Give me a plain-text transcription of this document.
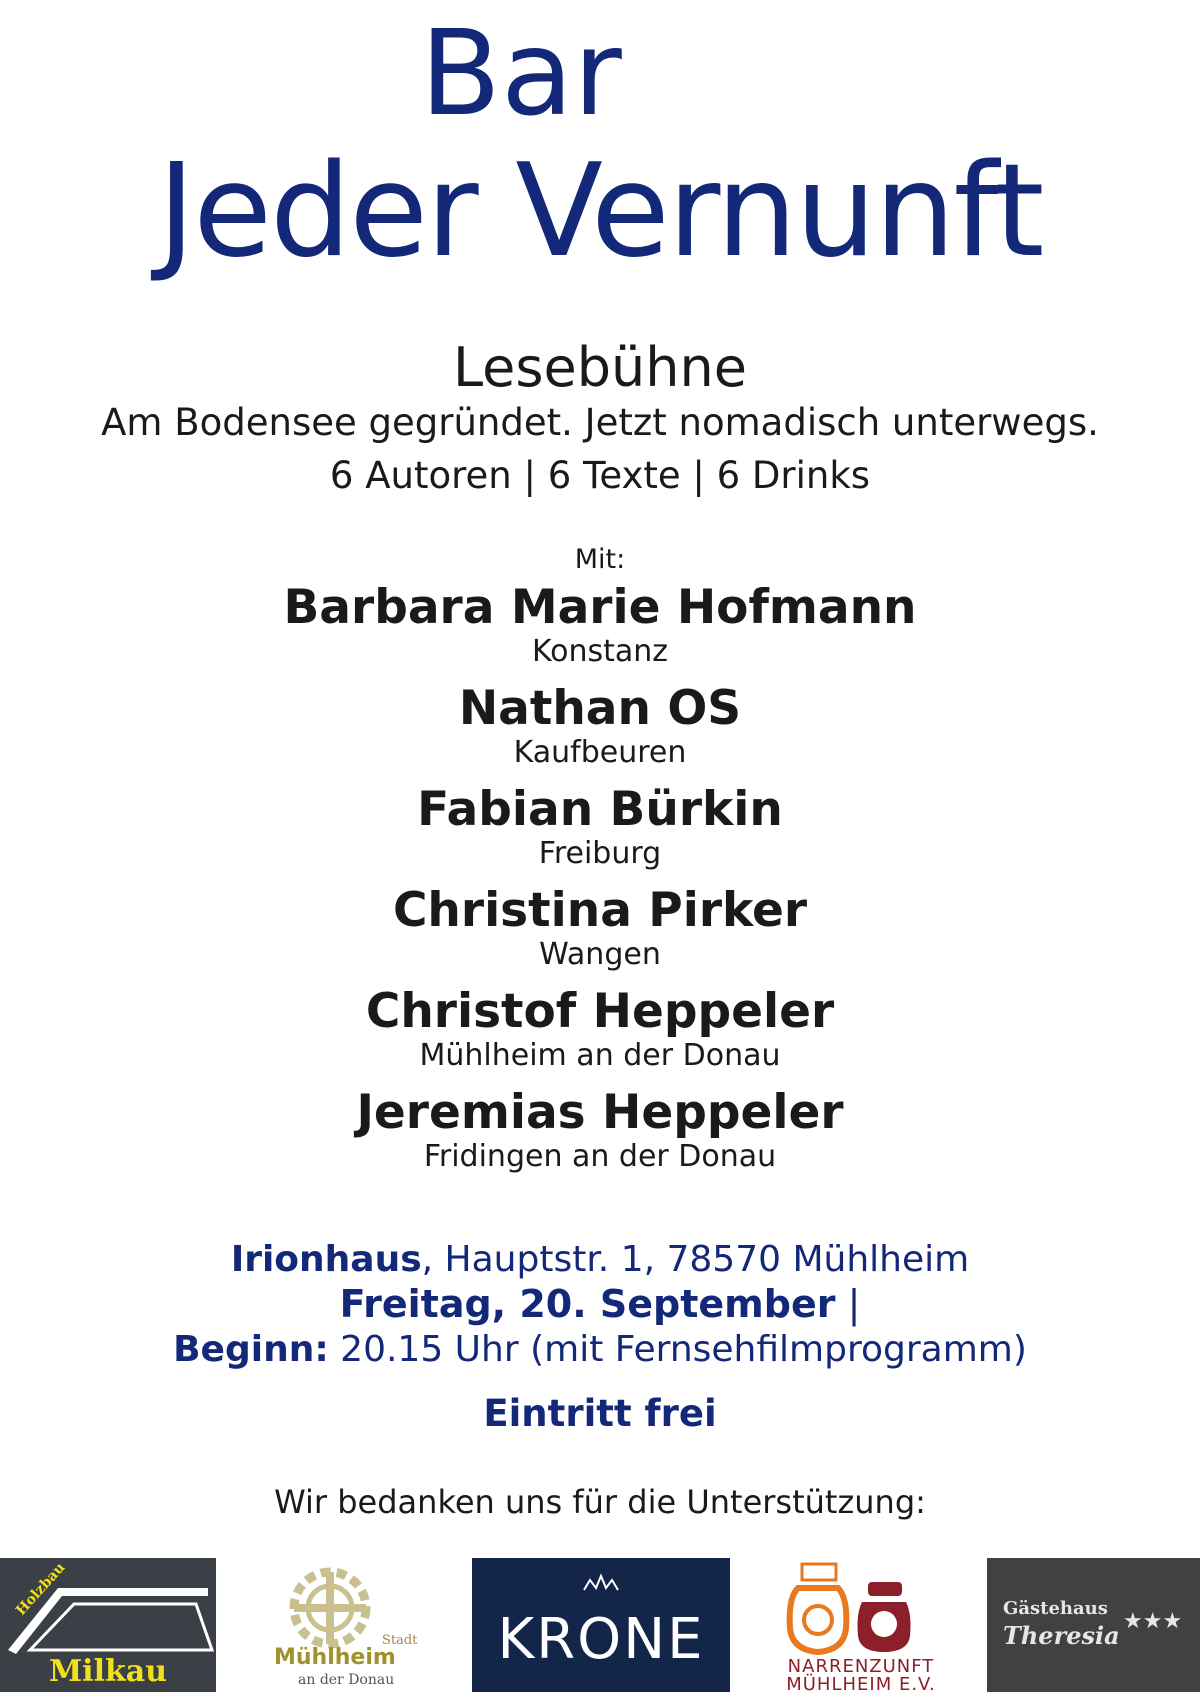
Bar
Jeder Vernunft
Lesebühne
Am Bodensee gegründet. Jetzt nomadisch unterwegs.
6 Autoren | 6 Texte | 6 Drinks
Mit:
Barbara Marie Hofmann
Konstanz
Nathan OS
Kaufbeuren
Fabian Bürkin
Freiburg
Christina Pirker
Wangen
Christof Heppeler
Mühlheim an der Donau
Jeremias Heppeler
Fridingen an der Donau
Irionhaus, Hauptstr. 1, 78570 Mühlheim
Freitag, 20. September |
Beginn: 20.15 Uhr (mit Fernsehfilmprogramm)
Eintritt frei
Wir bedanken uns für die Unterstützung:
Holzbau
Milkau
Stadt
Mühlheim
an der Donau
KRONE	NARRENZUNFT
MÜHLHEIM E.V.
Gästehaus
Theresia ★★★
